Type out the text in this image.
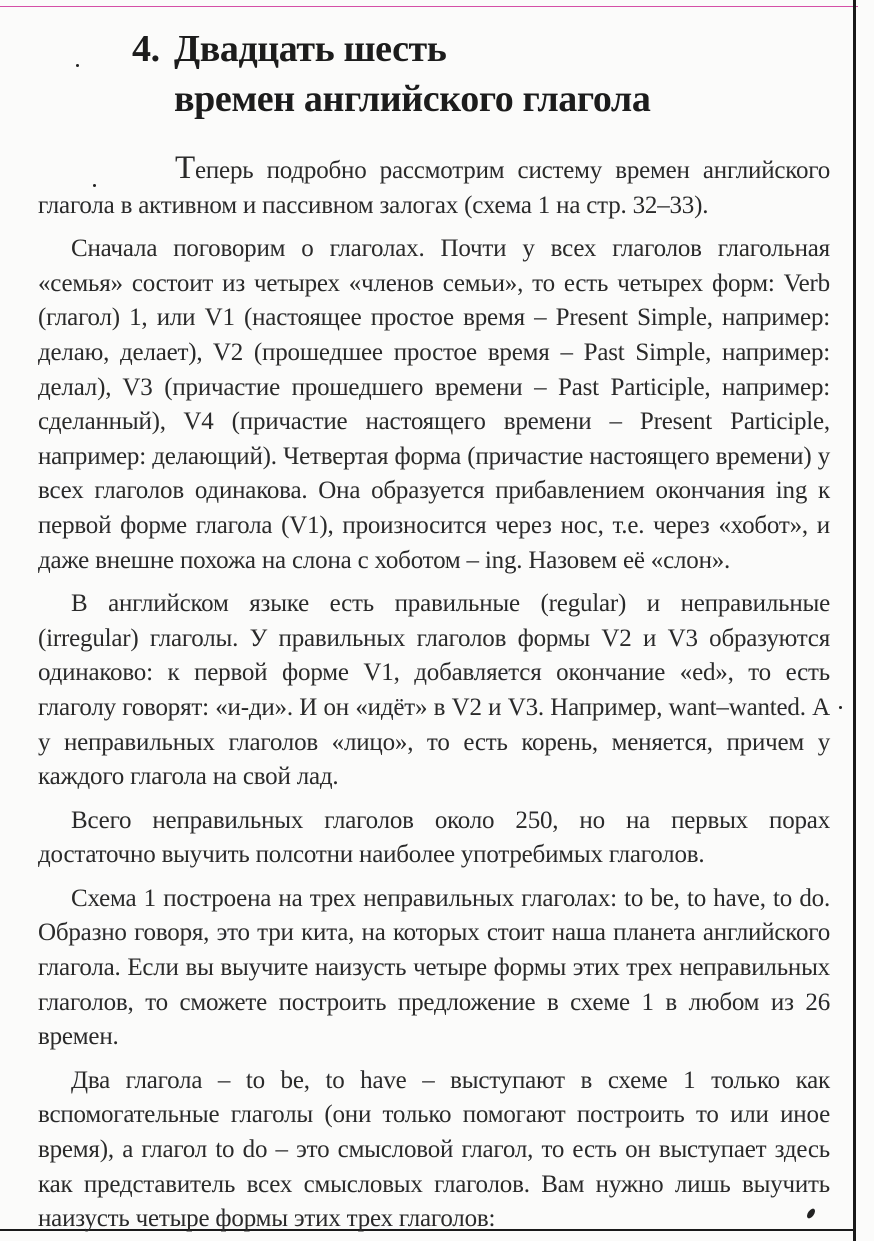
4. Двадцать шесть
времен английского глагола

Теперь подробно рассмотрим систему времен английского глагола в активном и пассивном залогах (схема 1 на стр. 32–33).

Сначала поговорим о глаголах. Почти у всех глаголов глагольная «семья» состоит из четырех «членов семьи», то есть четырех форм: Verb (глагол) 1, или V1 (настоящее простое время – Present Simple, например: делаю, делает), V2 (прошедшее простое время – Past Simple, например: делал), V3 (причастие прошедшего времени – Past Participle, например: сделанный), V4 (причастие настоящего времени – Present Participle, например: делающий). Четвертая форма (причастие настоящего времени) у всех глаголов одинакова. Она образуется прибавлением окончания ing к первой форме глагола (V1), произносится через нос, т.е. через «хобот», и даже внешне похожа на слона с хоботом – ing. Назовем её «слон».

В английском языке есть правильные (regular) и неправильные (irregular) глаголы. У правильных глаголов формы V2 и V3 образуются одинаково: к первой форме V1, добавляется окончание «ed», то есть глаголу говорят: «и-ди». И он «идёт» в V2 и V3. Например, want–wanted. А у неправильных глаголов «лицо», то есть корень, меняется, причем у каждого глагола на свой лад.

Всего неправильных глаголов около 250, но на первых порах достаточно выучить полсотни наиболее употребимых глаголов.

Схема 1 построена на трех неправильных глаголах: to be, to have, to do. Образно говоря, это три кита, на которых стоит наша планета английского глагола. Если вы выучите наизусть четыре формы этих трех неправильных глаголов, то сможете построить предложение в схеме 1 в любом из 26 времен.

Два глагола – to be, to have – выступают в схеме 1 только как вспомогательные глаголы (они только помогают построить то или иное время), а глагол to do – это смысловой глагол, то есть он выступает здесь как представитель всех смысловых глаголов. Вам нужно лишь выучить наизусть четыре формы этих трех глаголов:
